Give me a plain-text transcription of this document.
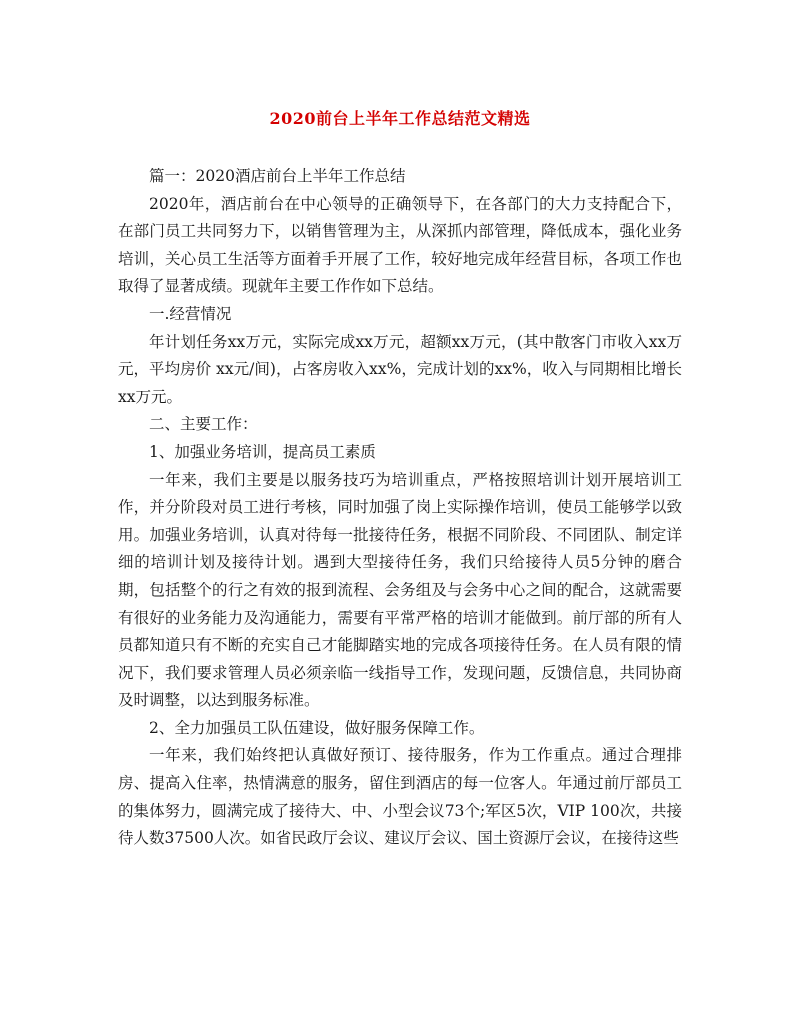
2020前台上半年工作总结范文精选

篇一：2020酒店前台上半年工作总结

2020年，酒店前台在中心领导的正确领导下，在各部门的大力支持配合下，在部门员工共同努力下，以销售管理为主，从深抓内部管理，降低成本，强化业务培训，关心员工生活等方面着手开展了工作，较好地完成年经营目标，各项工作也取得了显著成绩。现就年主要工作作如下总结。

一.经营情况

年计划任务xx万元，实际完成xx万元，超额xx万元，(其中散客门市收入xx万元，平均房价 xx元/间)，占客房收入xx%，完成计划的xx%，收入与同期相比增长xx万元。

二、主要工作：

1、加强业务培训，提高员工素质

一年来，我们主要是以服务技巧为培训重点，严格按照培训计划开展培训工作，并分阶段对员工进行考核，同时加强了岗上实际操作培训，使员工能够学以致用。加强业务培训，认真对待每一批接待任务，根据不同阶段、不同团队、制定详细的培训计划及接待计划。遇到大型接待任务，我们只给接待人员5分钟的磨合期，包括整个的行之有效的报到流程、会务组及与会务中心之间的配合，这就需要有很好的业务能力及沟通能力，需要有平常严格的培训才能做到。前厅部的所有人员都知道只有不断的充实自己才能脚踏实地的完成各项接待任务。在人员有限的情况下，我们要求管理人员必须亲临一线指导工作，发现问题，反馈信息，共同协商及时调整，以达到服务标准。

2、全力加强员工队伍建设，做好服务保障工作。

一年来，我们始终把认真做好预订、接待服务，作为工作重点。通过合理排房、提高入住率，热情满意的服务，留住到酒店的每一位客人。年通过前厅部员工的集体努力，圆满完成了接待大、中、小型会议73个;军区5次，VIP 100次，共接待人数37500人次。如省民政厅会议、建议厅会议、国土资源厅会议，在接待这些
